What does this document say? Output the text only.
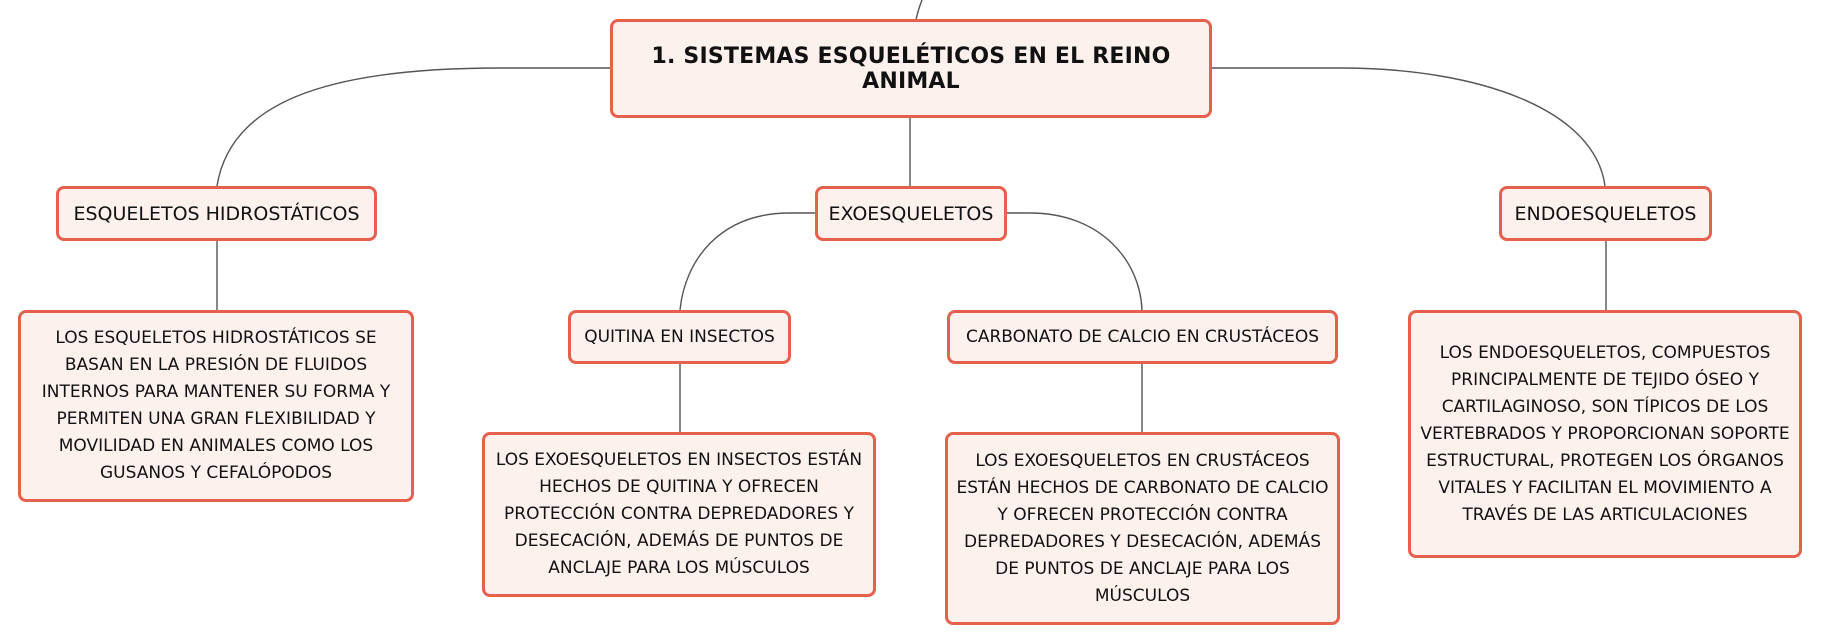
1. SISTEMAS ESQUELÉTICOS EN EL REINO ANIMAL
ESQUELETOS HIDROSTÁTICOS	EXOESQUELETOS	ENDOESQUELETOS
QUITINA EN INSECTOS	CARBONATO DE CALCIO EN CRUSTÁCEOS
LOS ESQUELETOS HIDROSTÁTICOS SE BASAN EN LA PRESIÓN DE FLUIDOS INTERNOS PARA MANTENER SU FORMA Y PERMITEN UNA GRAN FLEXIBILIDAD Y MOVILIDAD EN ANIMALES COMO LOS GUSANOS Y CEFALÓPODOS
LOS EXOESQUELETOS EN INSECTOS ESTÁN HECHOS DE QUITINA Y OFRECEN PROTECCIÓN CONTRA DEPREDADORES Y DESECACIÓN, ADEMÁS DE PUNTOS DE ANCLAJE PARA LOS MÚSCULOS
LOS EXOESQUELETOS EN CRUSTÁCEOS ESTÁN HECHOS DE CARBONATO DE CALCIO Y OFRECEN PROTECCIÓN CONTRA DEPREDADORES Y DESECACIÓN, ADEMÁS DE PUNTOS DE ANCLAJE PARA LOS MÚSCULOS
LOS ENDOESQUELETOS, COMPUESTOS PRINCIPALMENTE DE TEJIDO ÓSEO Y CARTILAGINOSO, SON TÍPICOS DE LOS VERTEBRADOS Y PROPORCIONAN SOPORTE ESTRUCTURAL, PROTEGEN LOS ÓRGANOS VITALES Y FACILITAN EL MOVIMIENTO A TRAVÉS DE LAS ARTICULACIONES
